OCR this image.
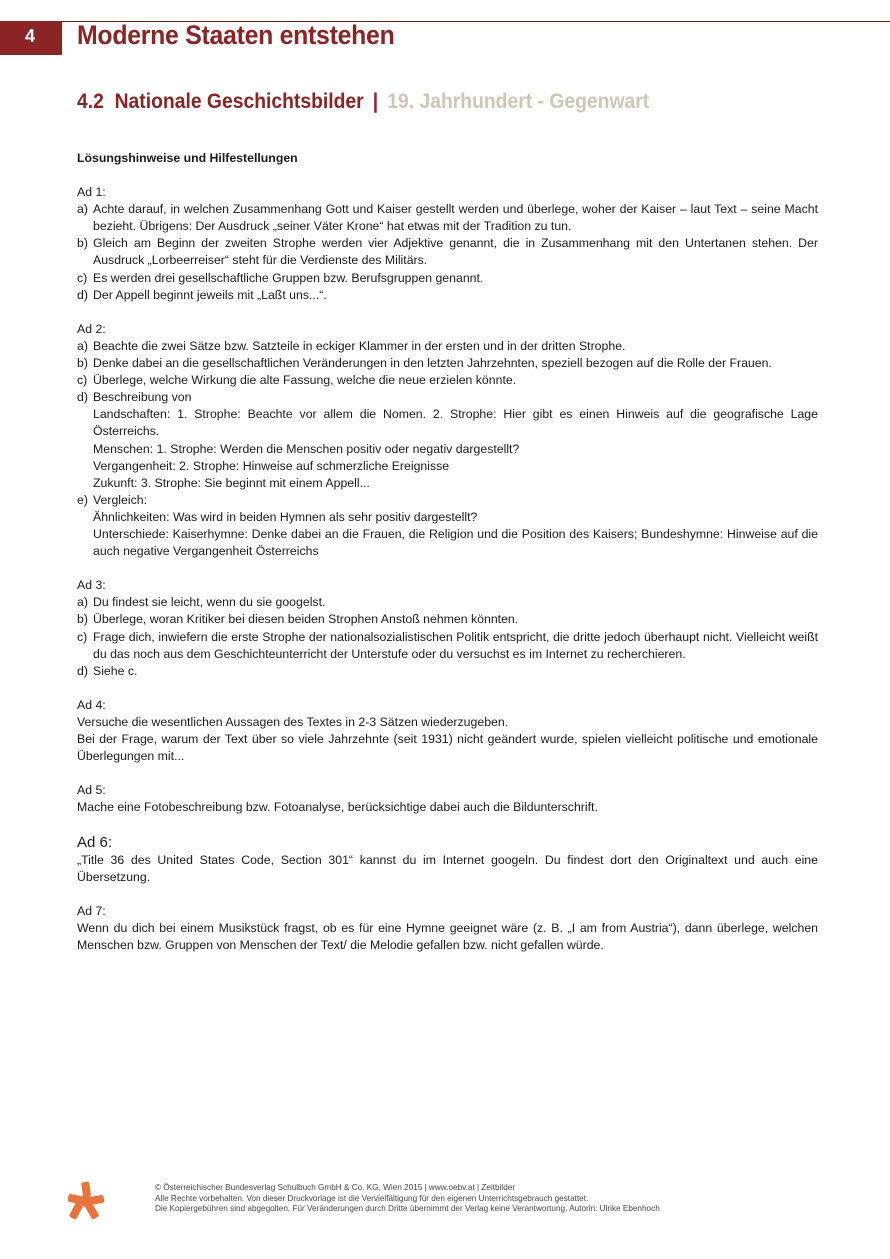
4	Moderne Staaten entstehen
4.2 Nationale Geschichtsbilder | 19. Jahrhundert - Gegenwart

Lösungshinweise und Hilfestellungen

Ad 1:

a) Achte darauf, in welchen Zusammenhang Gott und Kaiser gestellt werden und überlege, woher der Kaiser – laut Text – seine Macht bezieht. Übrigens: Der Ausdruck „seiner Väter Krone“ hat etwas mit der Tradition zu tun.
b) Gleich am Beginn der zweiten Strophe werden vier Adjektive genannt, die in Zusammenhang mit den Untertanen stehen. Der Ausdruck „Lorbeerreiser“ steht für die Verdienste des Militärs.
c) Es werden drei gesellschaftliche Gruppen bzw. Berufsgruppen genannt.
d) Der Appell beginnt jeweils mit „Laßt uns...“.

Ad 2:

a) Beachte die zwei Sätze bzw. Satzteile in eckiger Klammer in der ersten und in der dritten Strophe.
b) Denke dabei an die gesellschaftlichen Veränderungen in den letzten Jahrzehnten, speziell bezogen auf die Rolle der Frauen.
c) Überlege, welche Wirkung die alte Fassung, welche die neue erzielen könnte.
d) Beschreibung von

Landschaften: 1. Strophe: Beachte vor allem die Nomen. 2. Strophe: Hier gibt es einen Hinweis auf die geografische Lage Österreichs.

Menschen: 1. Strophe: Werden die Menschen positiv oder negativ dargestellt?

Vergangenheit: 2. Strophe: Hinweise auf schmerzliche Ereignisse

Zukunft: 3. Strophe: Sie beginnt mit einem Appell...

e) Vergleich:

Ähnlichkeiten: Was wird in beiden Hymnen als sehr positiv dargestellt?

Unterschiede: Kaiserhymne: Denke dabei an die Frauen, die Religion und die Position des Kaisers; Bundeshymne: Hinweise auf die auch negative Vergangenheit Österreichs

Ad 3:

a) Du findest sie leicht, wenn du sie googelst.
b) Überlege, woran Kritiker bei diesen beiden Strophen Anstoß nehmen könnten.
c) Frage dich, inwiefern die erste Strophe der nationalsozialistischen Politik entspricht, die dritte jedoch überhaupt nicht. Vielleicht weißt du das noch aus dem Geschichteunterricht der Unterstufe oder du versuchst es im Internet zu recherchieren.
d) Siehe c.

Ad 4:

Versuche die wesentlichen Aussagen des Textes in 2-3 Sätzen wiederzugeben.

Bei der Frage, warum der Text über so viele Jahrzehnte (seit 1931) nicht geändert wurde, spielen vielleicht politische und emotionale Überlegungen mit...

Ad 5:

Mache eine Fotobeschreibung bzw. Fotoanalyse, berücksichtige dabei auch die Bildunterschrift.

Ad 6:

„Title 36 des United States Code, Section 301“ kannst du im Internet googeln. Du findest dort den Originaltext und auch eine Übersetzung.

Ad 7:

Wenn du dich bei einem Musikstück fragst, ob es für eine Hymne geeignet wäre (z. B. „I am from Austria“), dann überlege, welchen Menschen bzw. Gruppen von Menschen der Text/ die Melodie gefallen bzw. nicht gefallen würde.

© Österreichischer Bundesverlag Schulbuch GmbH & Co. KG, Wien 2015 | www.oebv.at | Zeitbilder
Alle Rechte vorbehalten. Von dieser Druckvorlage ist die Vervielfältigung für den eigenen Unterrichtsgebrauch gestattet.
Die Kopiergebühren sind abgegolten. Für Veränderungen durch Dritte übernimmt der Verlag keine Verantwortung. Autorin: Ulrike Ebenhoch
